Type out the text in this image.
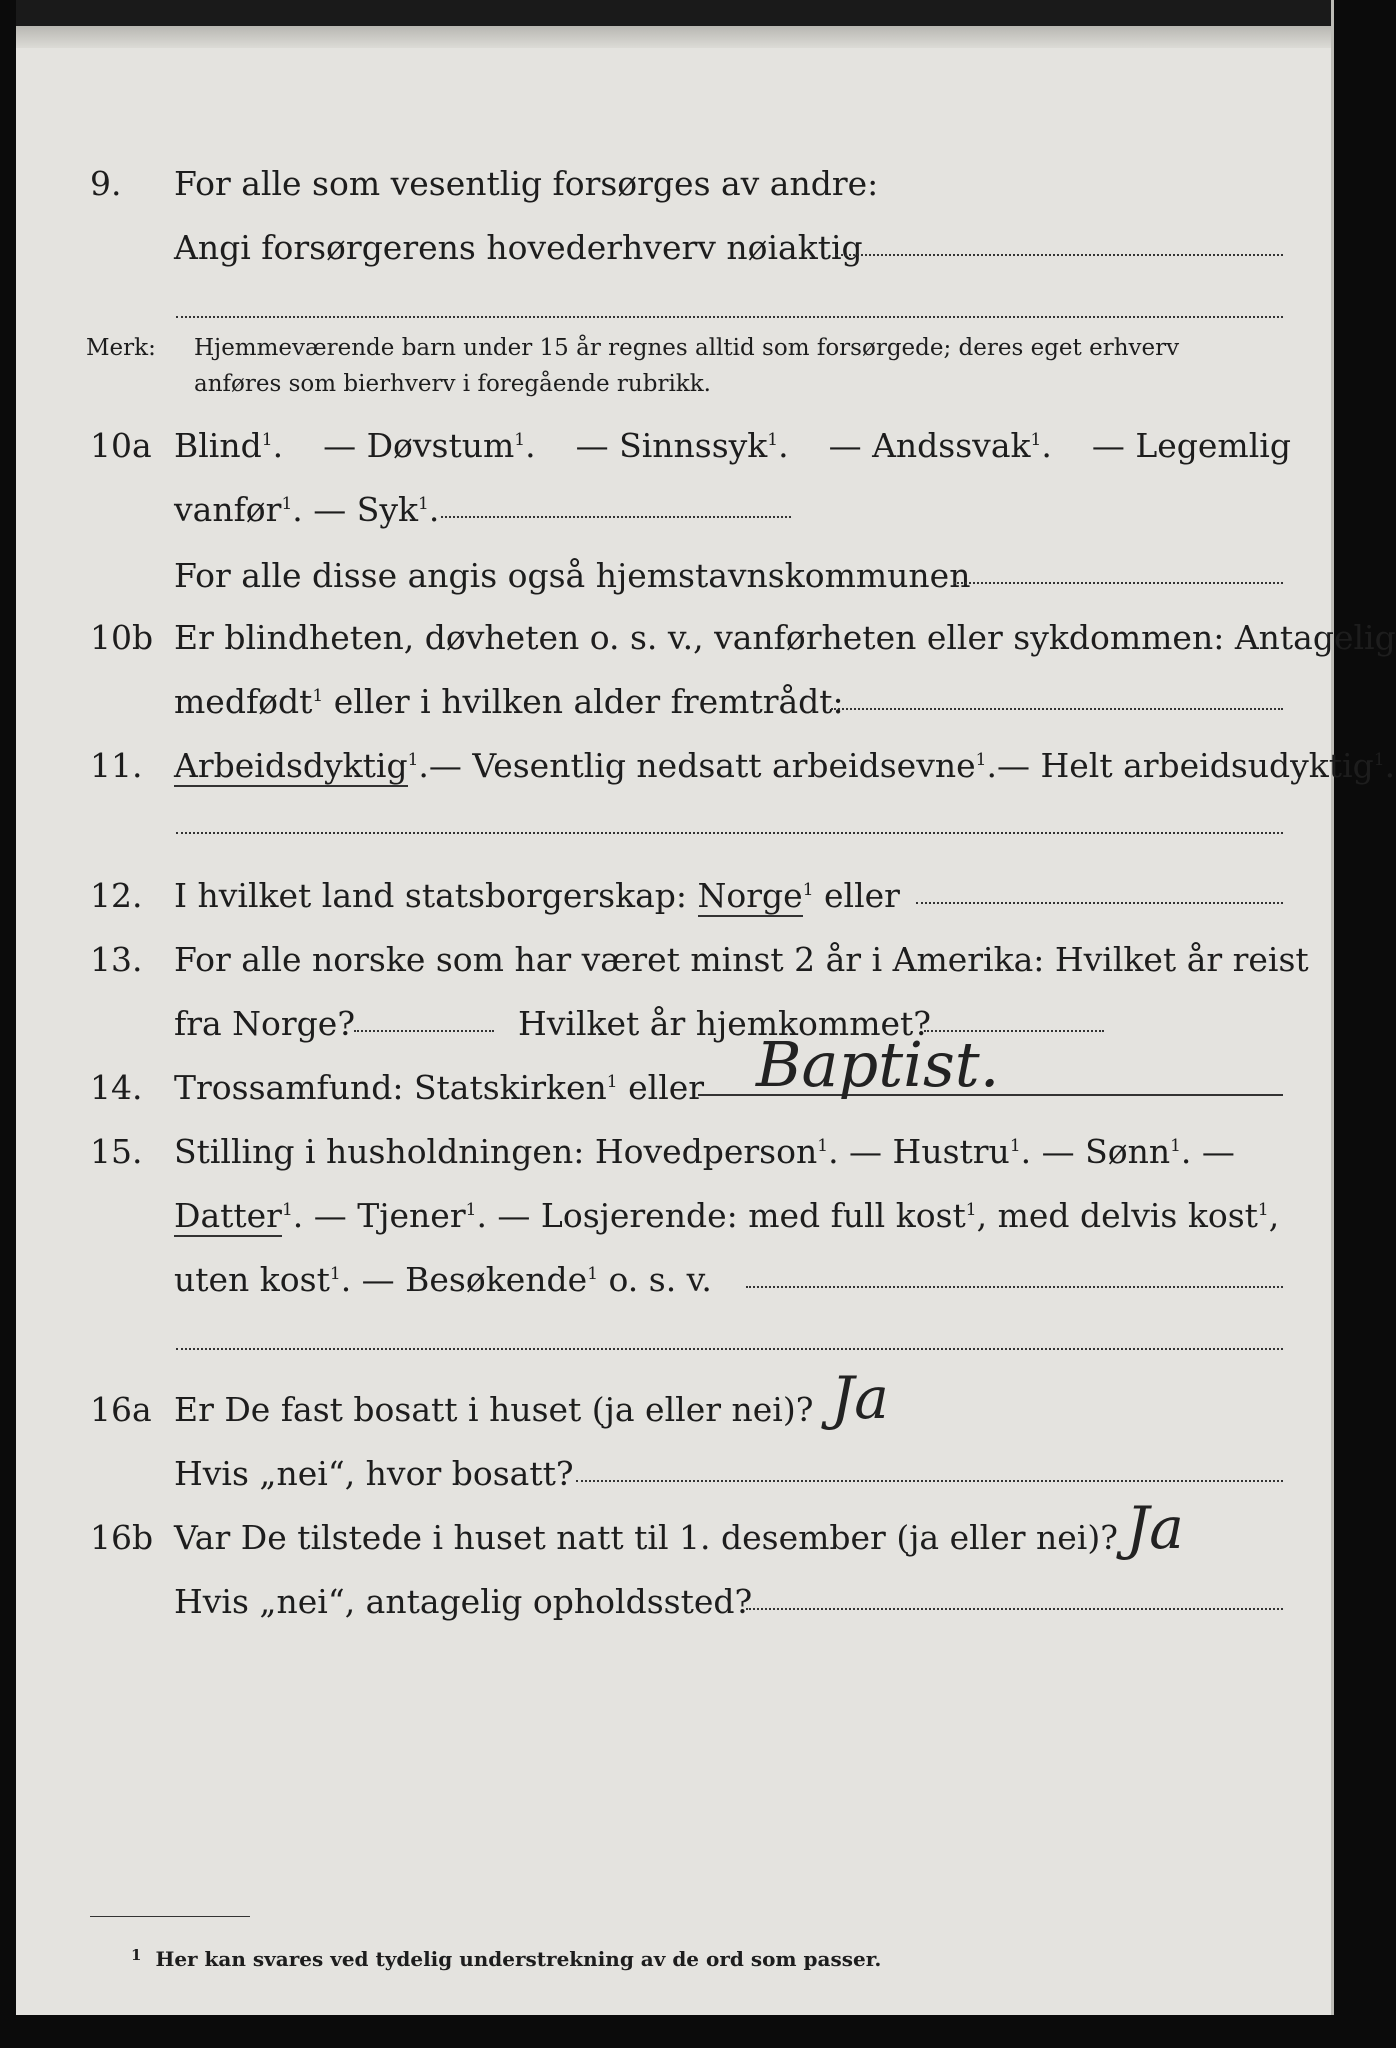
9. For alle som vesentlig forsørges av andre:
Angi forsørgerens hovederhverv nøiaktig
Merk: Hjemmeværende barn under 15 år regnes alltid som forsørgede; deres eget erhverv
anføres som bierhverv i foregående rubrikk.
10a Blind$^1$. — Døvstum$^1$. — Sinnssyk$^1$. — Andssvak$^1$. — Legemlig
vanfør$^1$. — Syk$^1$.
For alle disse angis også hjemstavnskommunen
10b Er blindheten, døvheten o. s. v., vanførheten eller sykdommen: Antagelig
medfødt$^1$ eller i hvilken alder fremtrådt:
11. Arbeidsdyktig$^1$. — Vesentlig nedsatt arbeidsevne$^1$. — Helt arbeidsudyktig$^1$.
12. I hvilket land statsborgerskap: Norge$^1$ eller
13. For alle norske som har været minst 2 år i Amerika: Hvilket år reist
fra Norge?	Hvilket år hjemkommet?
14. Trossamfund: Statskirken$^1$ eller Baptist.
15. Stilling i husholdningen: Hovedperson$^1$. — Hustru$^1$. — Sønn$^1$. —
Datter$^1$. — Tjener$^1$. — Losjerende: med full kost$^1$, med delvis kost$^1$,
uten kost$^1$. — Besøkende$^1$ o. s. v.
16a Er De fast bosatt i huset (ja eller nei)? Ja
Hvis „nei“, hvor bosatt?
16b Var De tilstede i huset natt til 1. desember (ja eller nei)? Ja
Hvis „nei“, antagelig opholdssted?
$^1$ Her kan svares ved tydelig understrekning av de ord som passer.
